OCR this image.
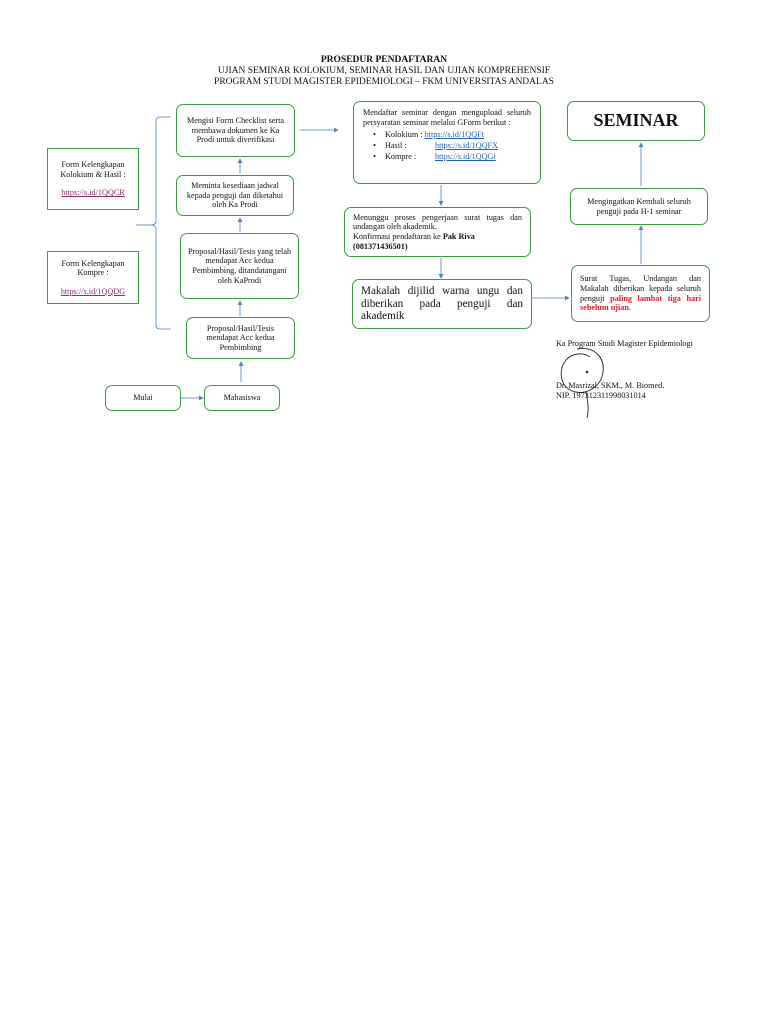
PROSEDUR PENDAFTARAN
UJIAN SEMINAR KOLOKIUM, SEMINAR HASIL DAN UJIAN KOMPREHENSIF
PROGRAM STUDI MAGISTER EPIDEMIOLOGI – FKM UNIVERSITAS ANDALAS
Form Kelengkapan Kolokium & Hasil :
https://s.id/1QQCR
Form Kelengkapan Kompre :
https://s.id/1QQDG
Mulai	Mahasiswa
Proposal/Hasil/Tesis mendapat Acc kedua Pembimbing
Proposal/Hasil/Tesis yang telah mendapat Acc kedua Pembimbing, ditandatangani oleh KaProdi
Meminta kesediaan jadwal kepada penguji dan diketahui oleh Ka Prodi
Mengisi Form Checklist serta membawa dokumen ke Ka Prodi untuk diverifikasi
Mendaftar seminar dengan mengupload seluruh persyaratan seminar melalui GForm berikut :
• Kolokium : https://s.id/1QQFt
• Hasil :	https://s.id/1QQFX
• Kompre : https://s.id/1QQGi
Menunggu proses pengerjaan surat tugas dan undangan oleh akademik.
Konfirmasi pendaftaran ke Pak Riva
(081371436501)
Makalah dijilid warna ungu dan diberikan pada penguji dan akademik
SEMINAR
Mengingatkan Kembali seluruh penguji pada H-1 seminar
Surat Tugas, Undangan dan Makalah diberikan kepada seluruh penguji paling lambat tiga hari sebelum ujian.
Ka Program Studi Magister Epidemiologi
Dr. Masrizal, SKM., M. Biomed.
NIP. 197312311998031014
